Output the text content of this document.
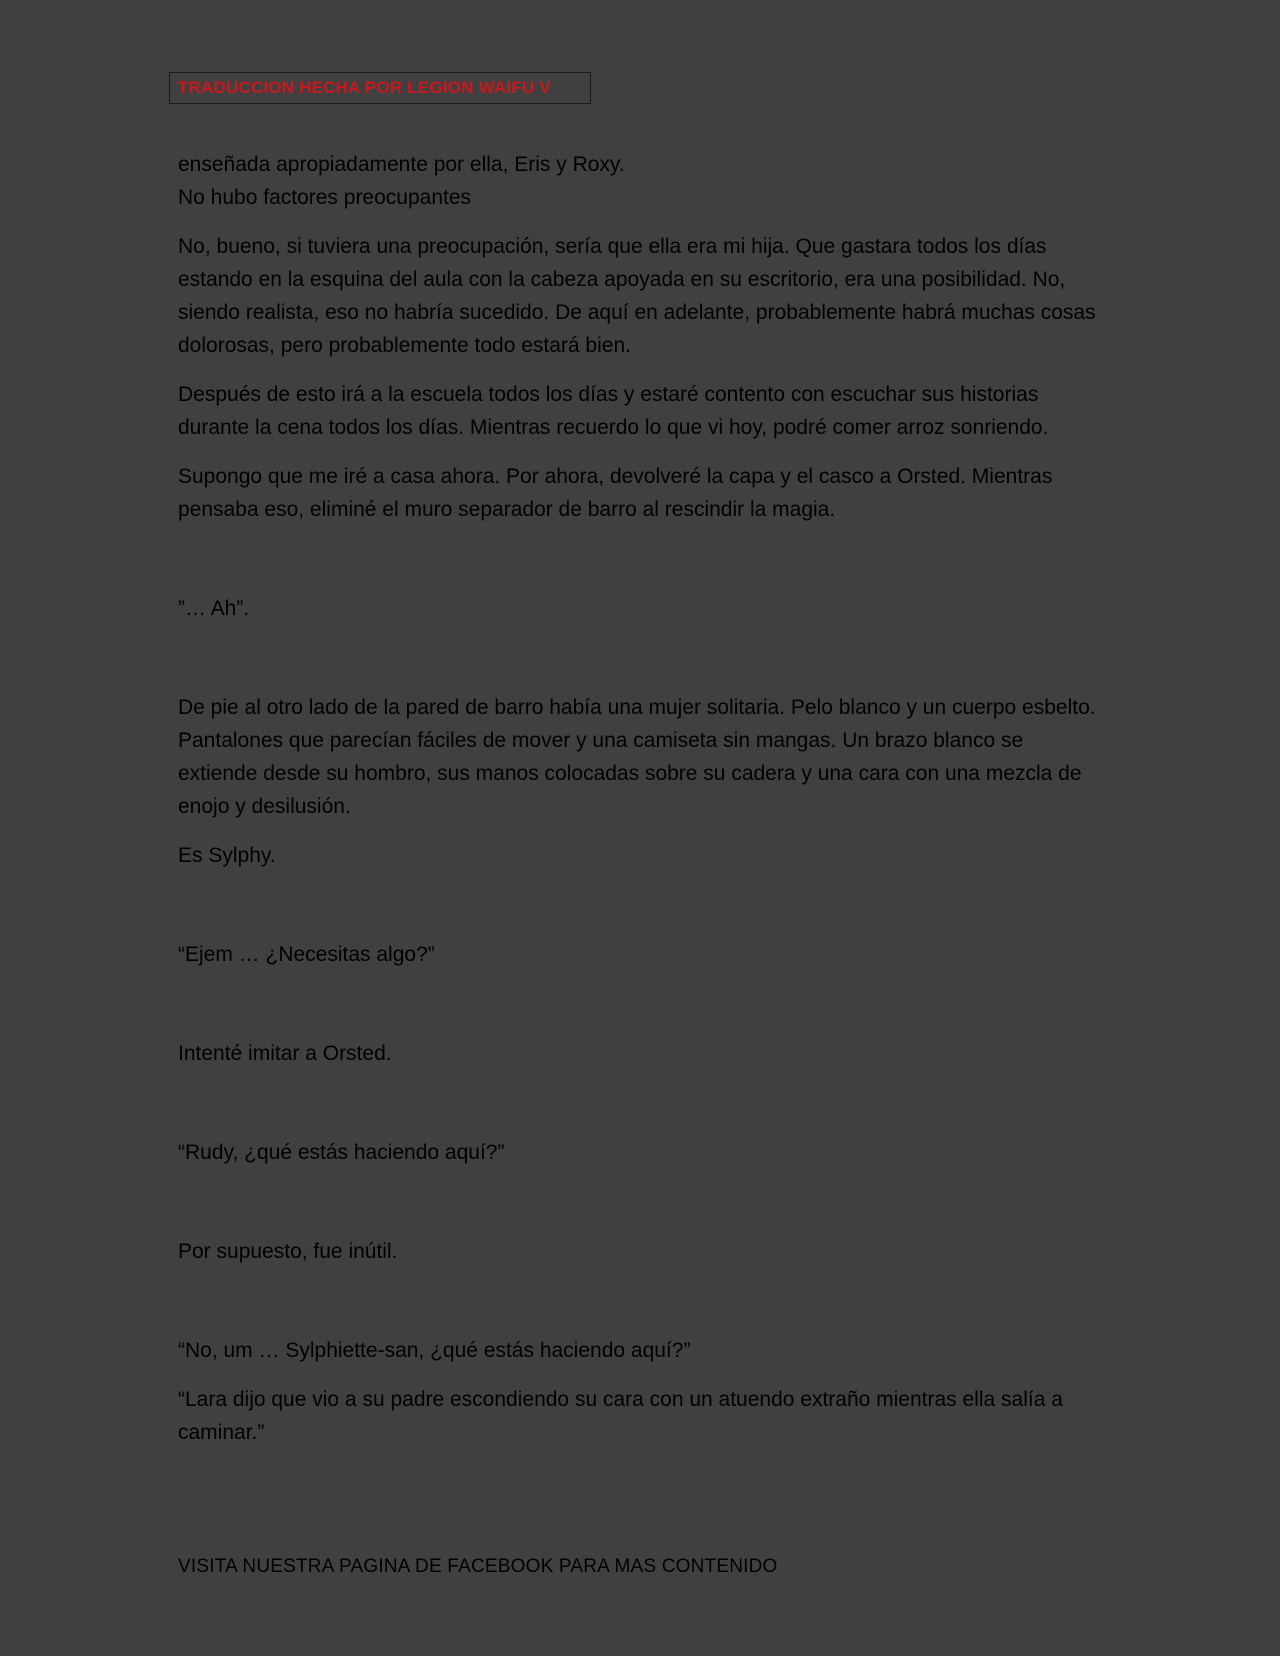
TRADUCCION HECHA POR LEGION WAIFU V

enseñada apropiadamente por ella, Eris y Roxy.
No hubo factores preocupantes

No, bueno, si tuviera una preocupación, sería que ella era mi hija. Que gastara todos los días estando en la esquina del aula con la cabeza apoyada en su escritorio, era una posibilidad. No, siendo realista, eso no habría sucedido. De aquí en adelante, probablemente habrá muchas cosas dolorosas, pero probablemente todo estará bien.

Después de esto irá a la escuela todos los días y estaré contento con escuchar sus historias durante la cena todos los días. Mientras recuerdo lo que vi hoy, podré comer arroz sonriendo.

Supongo que me iré a casa ahora. Por ahora, devolveré la capa y el casco a Orsted. Mientras pensaba eso, eliminé el muro separador de barro al rescindir la magia.

”… Ah”.

De pie al otro lado de la pared de barro había una mujer solitaria. Pelo blanco y un cuerpo esbelto. Pantalones que parecían fáciles de mover y una camiseta sin mangas. Un brazo blanco se extiende desde su hombro, sus manos colocadas sobre su cadera y una cara con una mezcla de enojo y desilusión.

Es Sylphy.

“Ejem … ¿Necesitas algo?”

Intenté imitar a Orsted.

“Rudy, ¿qué estás haciendo aquí?”

Por supuesto, fue inútil.

“No, um … Sylphiette-san, ¿qué estás haciendo aquí?”

“Lara dijo que vio a su padre escondiendo su cara con un atuendo extraño mientras ella salía a caminar.”

VISITA NUESTRA PAGINA DE FACEBOOK PARA MAS CONTENIDO
